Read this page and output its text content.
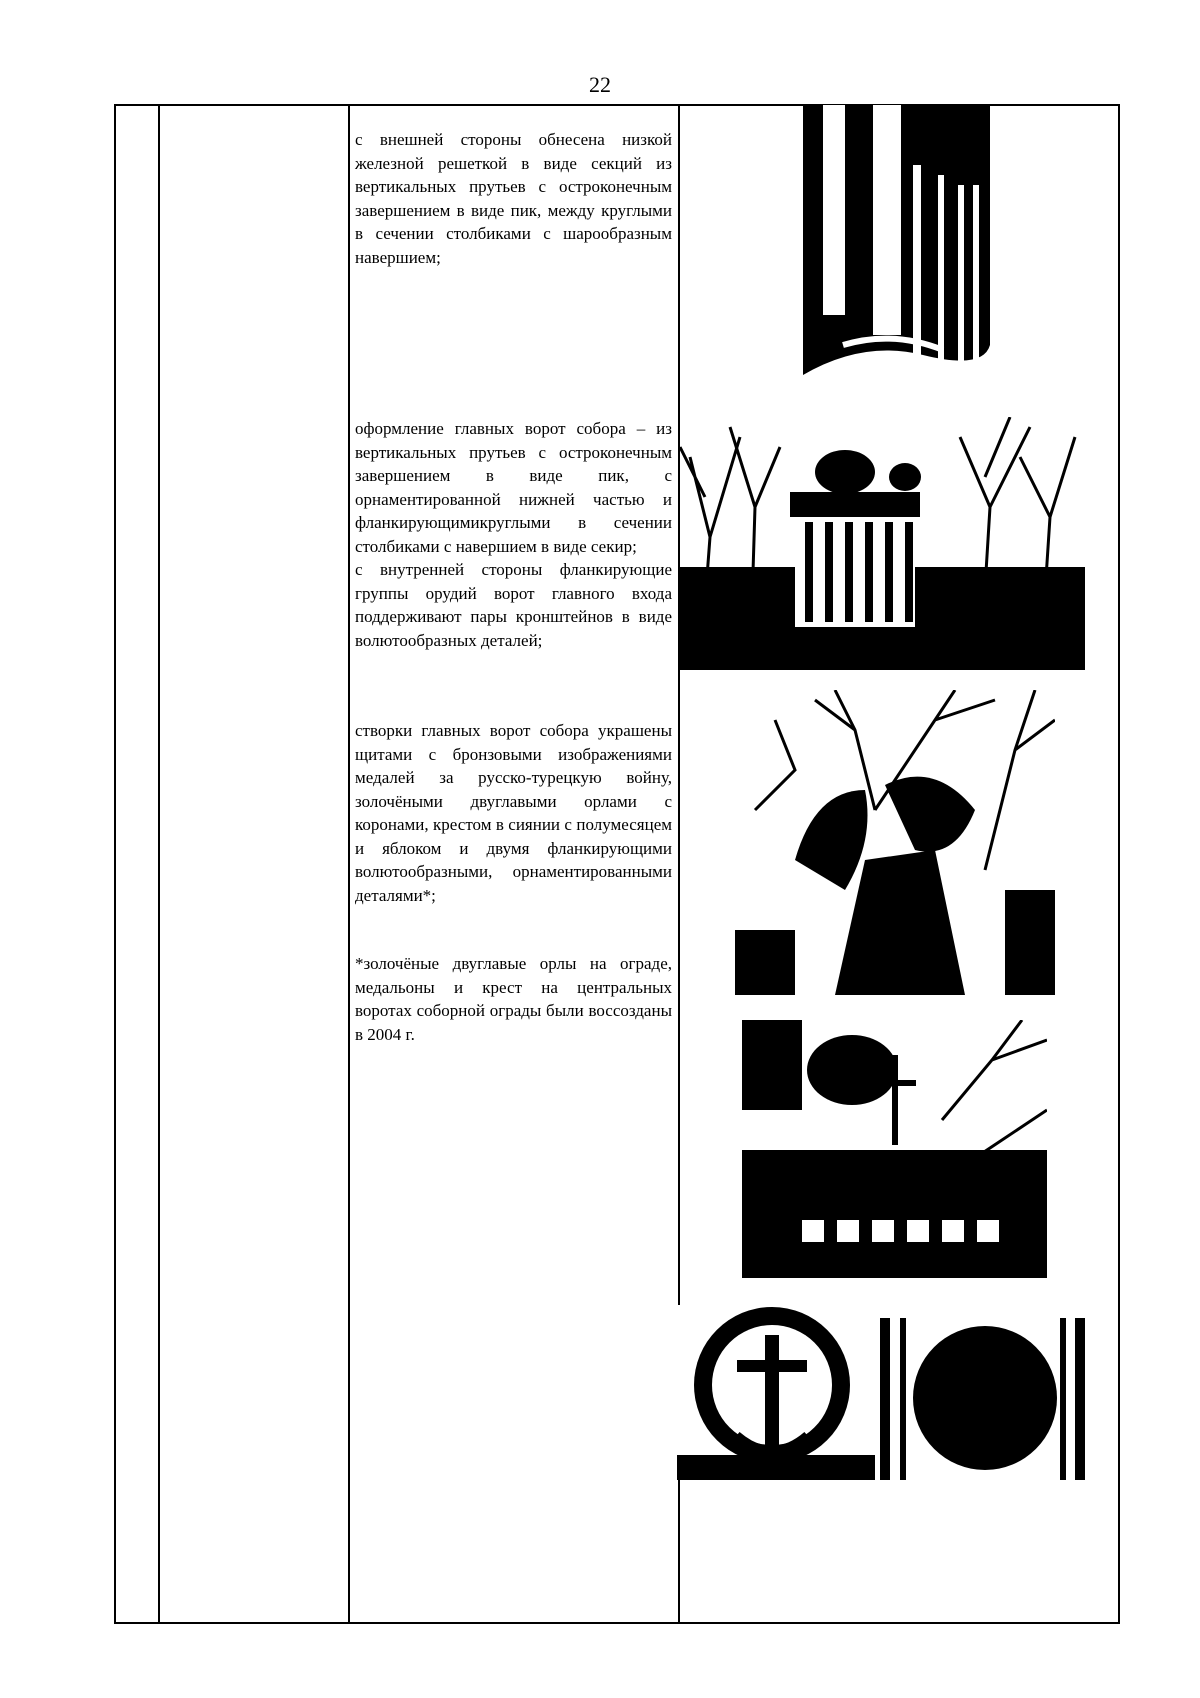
22

с внешней стороны обнесена низкой железной решеткой в виде секций из вертикальных прутьев с остроконечным завершением в виде пик, между круглыми в сечении столбиками с шарообразным навершием;

оформление главных ворот собора – из вертикальных прутьев с остроконечным завершением в виде пик, с орнаментированной нижней частью и фланкирующимикруглыми в сечении столбиками с навершием в виде секир;

с внутренней стороны фланкирующие группы орудий ворот главного входа поддерживают пары кронштейнов в виде волютообразных деталей;

створки главных ворот собора украшены щитами с бронзовыми изображениями медалей за русско-турецкую войну, золочёными двуглавыми орлами с коронами, крестом в сиянии с полумесяцем и яблоком и двумя фланкирующими волютообразными, орнаментированными деталями*;

*золочёные двуглавые орлы на ограде, медальоны и крест на центральных воротах соборной ограды были воссозданы в 2004 г.
